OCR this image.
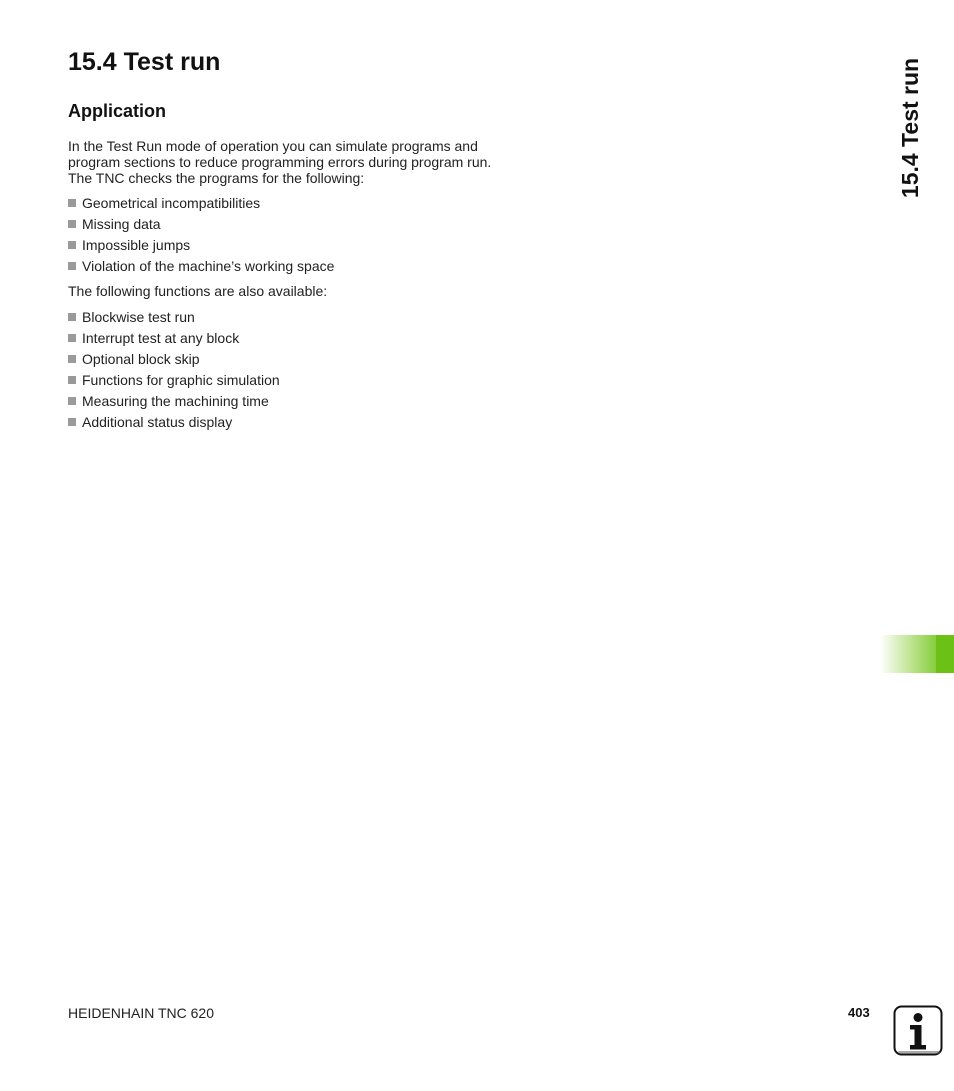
15.4 Test run
Application

In the Test Run mode of operation you can simulate programs and
program sections to reduce programming errors during program run.
The TNC checks the programs for the following:

Geometrical incompatibilities
Missing data
Impossible jumps
Violation of the machine’s working space

The following functions are also available:

Blockwise test run
Interrupt test at any block
Optional block skip
Functions for graphic simulation
Measuring the machining time
Additional status display
15.4 Test run
HEIDENHAIN TNC 620	403
